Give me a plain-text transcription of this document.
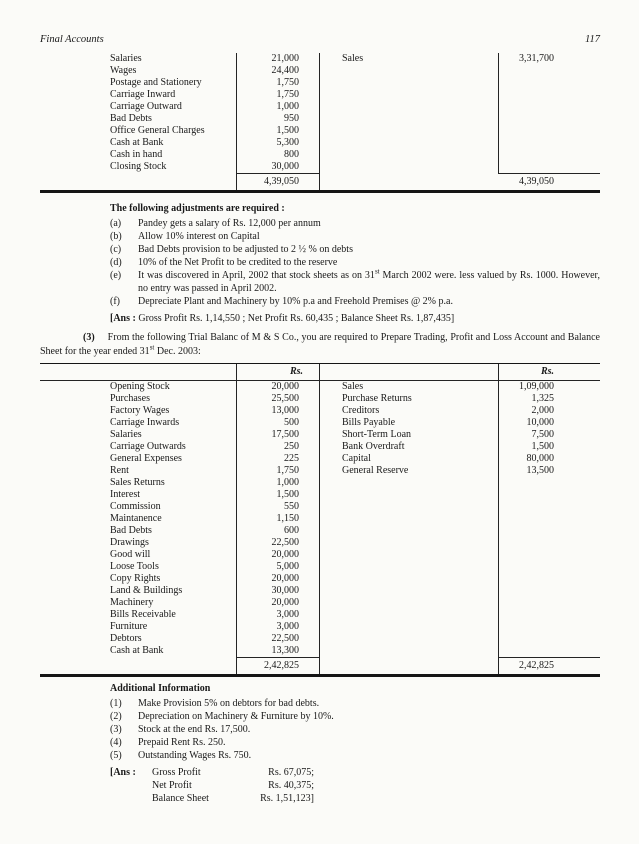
Final Accounts	117
Salaries	21,000	Sales	3,31,700
Wages	24,400
Postage and Stationery	1,750
Carriage Inward	1,750
Carriage Outward	1,000
Bad Debts	950
Office General Charges	1,500
Cash at Bank	5,300
Cash in hand	800
Closing Stock	30,000
4,39,050	4,39,050
The following adjustments are required :
(a)	Pandey gets a salary of Rs. 12,000 per annum
(b)	Allow 10% interest on Capital
(c)	Bad Debts provision to be adjusted to 2 ½ % on debts
(d)	10% of the Net Profit to be credited to the reserve
(e)	It was discovered in April, 2002 that stock sheets as on 31st March 2002 were. less valued by Rs. 1000. However, no entry was passed in April 2002.
(f)	Depreciate Plant and Machinery by 10% p.a and Freehold Premises @ 2% p.a.
[Ans : Gross Profit Rs. 1,14,550 ; Net Profit Rs. 60,435 ; Balance Sheet Rs. 1,87,435]

(3) From the following Trial Balanc of M & S Co., you are required to Prepare Trading, Profit and Loss Account and Balance Sheet for the year ended 31st Dec. 2003:

Rs.	Rs.
Opening Stock	20,000	Sales	1,09,000
Purchases	25,500	Purchase Returns	1,325
Factory Wages	13,000	Creditors	2,000
Carriage Inwards	500	Bills Payable	10,000
Salaries	17,500	Short-Term Loan	7,500
Carriage Outwards	250	Bank Overdraft	1,500
General Expenses	225	Capital	80,000
Rent	1,750	General Reserve	13,500
Sales Returns	1,000
Interest	1,500
Commission	550
Maintanence	1,150
Bad Debts	600
Drawings	22,500
Good will	20,000
Loose Tools	5,000
Copy Rights	20,000
Land & Buildings	30,000
Machinery	20,000
Bills Receivable	3,000
Furniture	3,000
Debtors	22,500
Cash at Bank	13,300
2,42,825	2,42,825
Additional Information
(1)	Make Provision 5% on debtors for bad debts.
(2)	Depreciation on Machinery & Furniture by 10%.
(3)	Stock at the end Rs. 17,500.
(4)	Prepaid Rent Rs. 250.
(5)	Outstanding Wages Rs. 750.
[Ans :	Gross Profit	Rs. 67,075;
Net Profit	Rs. 40,375;
Balance Sheet	Rs. 1,51,123]
